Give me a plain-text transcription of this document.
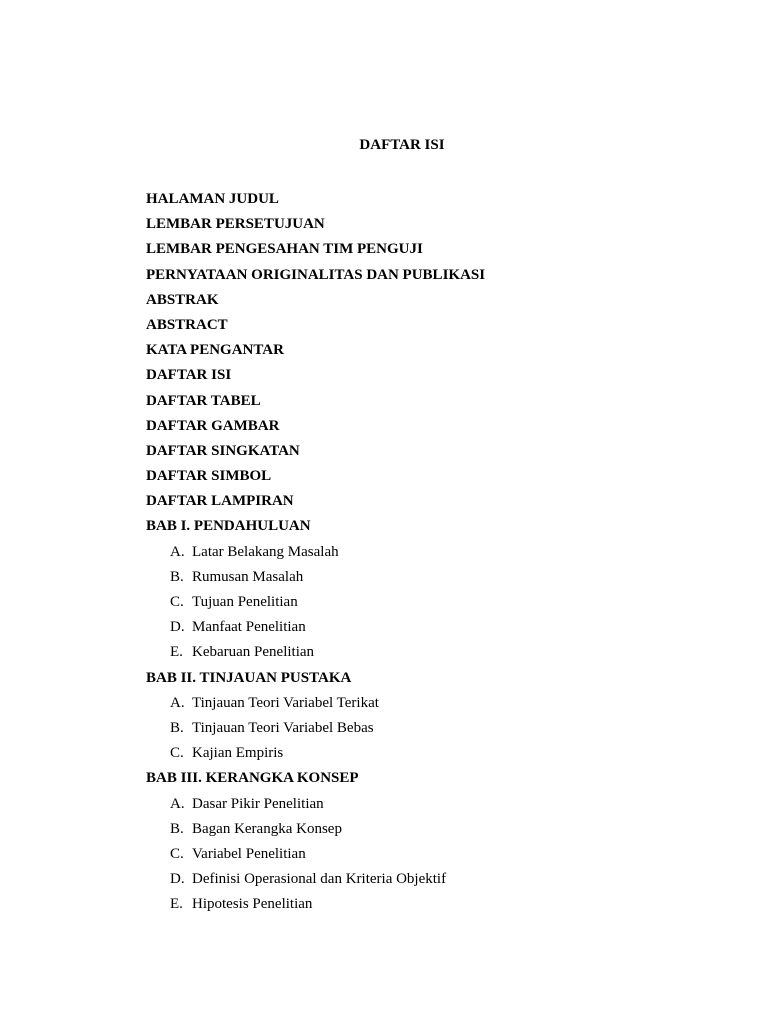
DAFTAR ISI
HALAMAN JUDUL
LEMBAR PERSETUJUAN
LEMBAR PENGESAHAN TIM PENGUJI
PERNYATAAN ORIGINALITAS DAN PUBLIKASI
ABSTRAK
ABSTRACT
KATA PENGANTAR
DAFTAR ISI
DAFTAR TABEL
DAFTAR GAMBAR
DAFTAR SINGKATAN
DAFTAR SIMBOL
DAFTAR LAMPIRAN
BAB I. PENDAHULUAN
A. Latar Belakang Masalah
B. Rumusan Masalah
C. Tujuan Penelitian
D. Manfaat Penelitian
E. Kebaruan Penelitian
BAB II. TINJAUAN PUSTAKA
A. Tinjauan Teori Variabel Terikat
B. Tinjauan Teori Variabel Bebas
C. Kajian Empiris
BAB III. KERANGKA KONSEP
A. Dasar Pikir Penelitian
B. Bagan Kerangka Konsep
C. Variabel Penelitian
D. Definisi Operasional dan Kriteria Objektif
E. Hipotesis Penelitian
